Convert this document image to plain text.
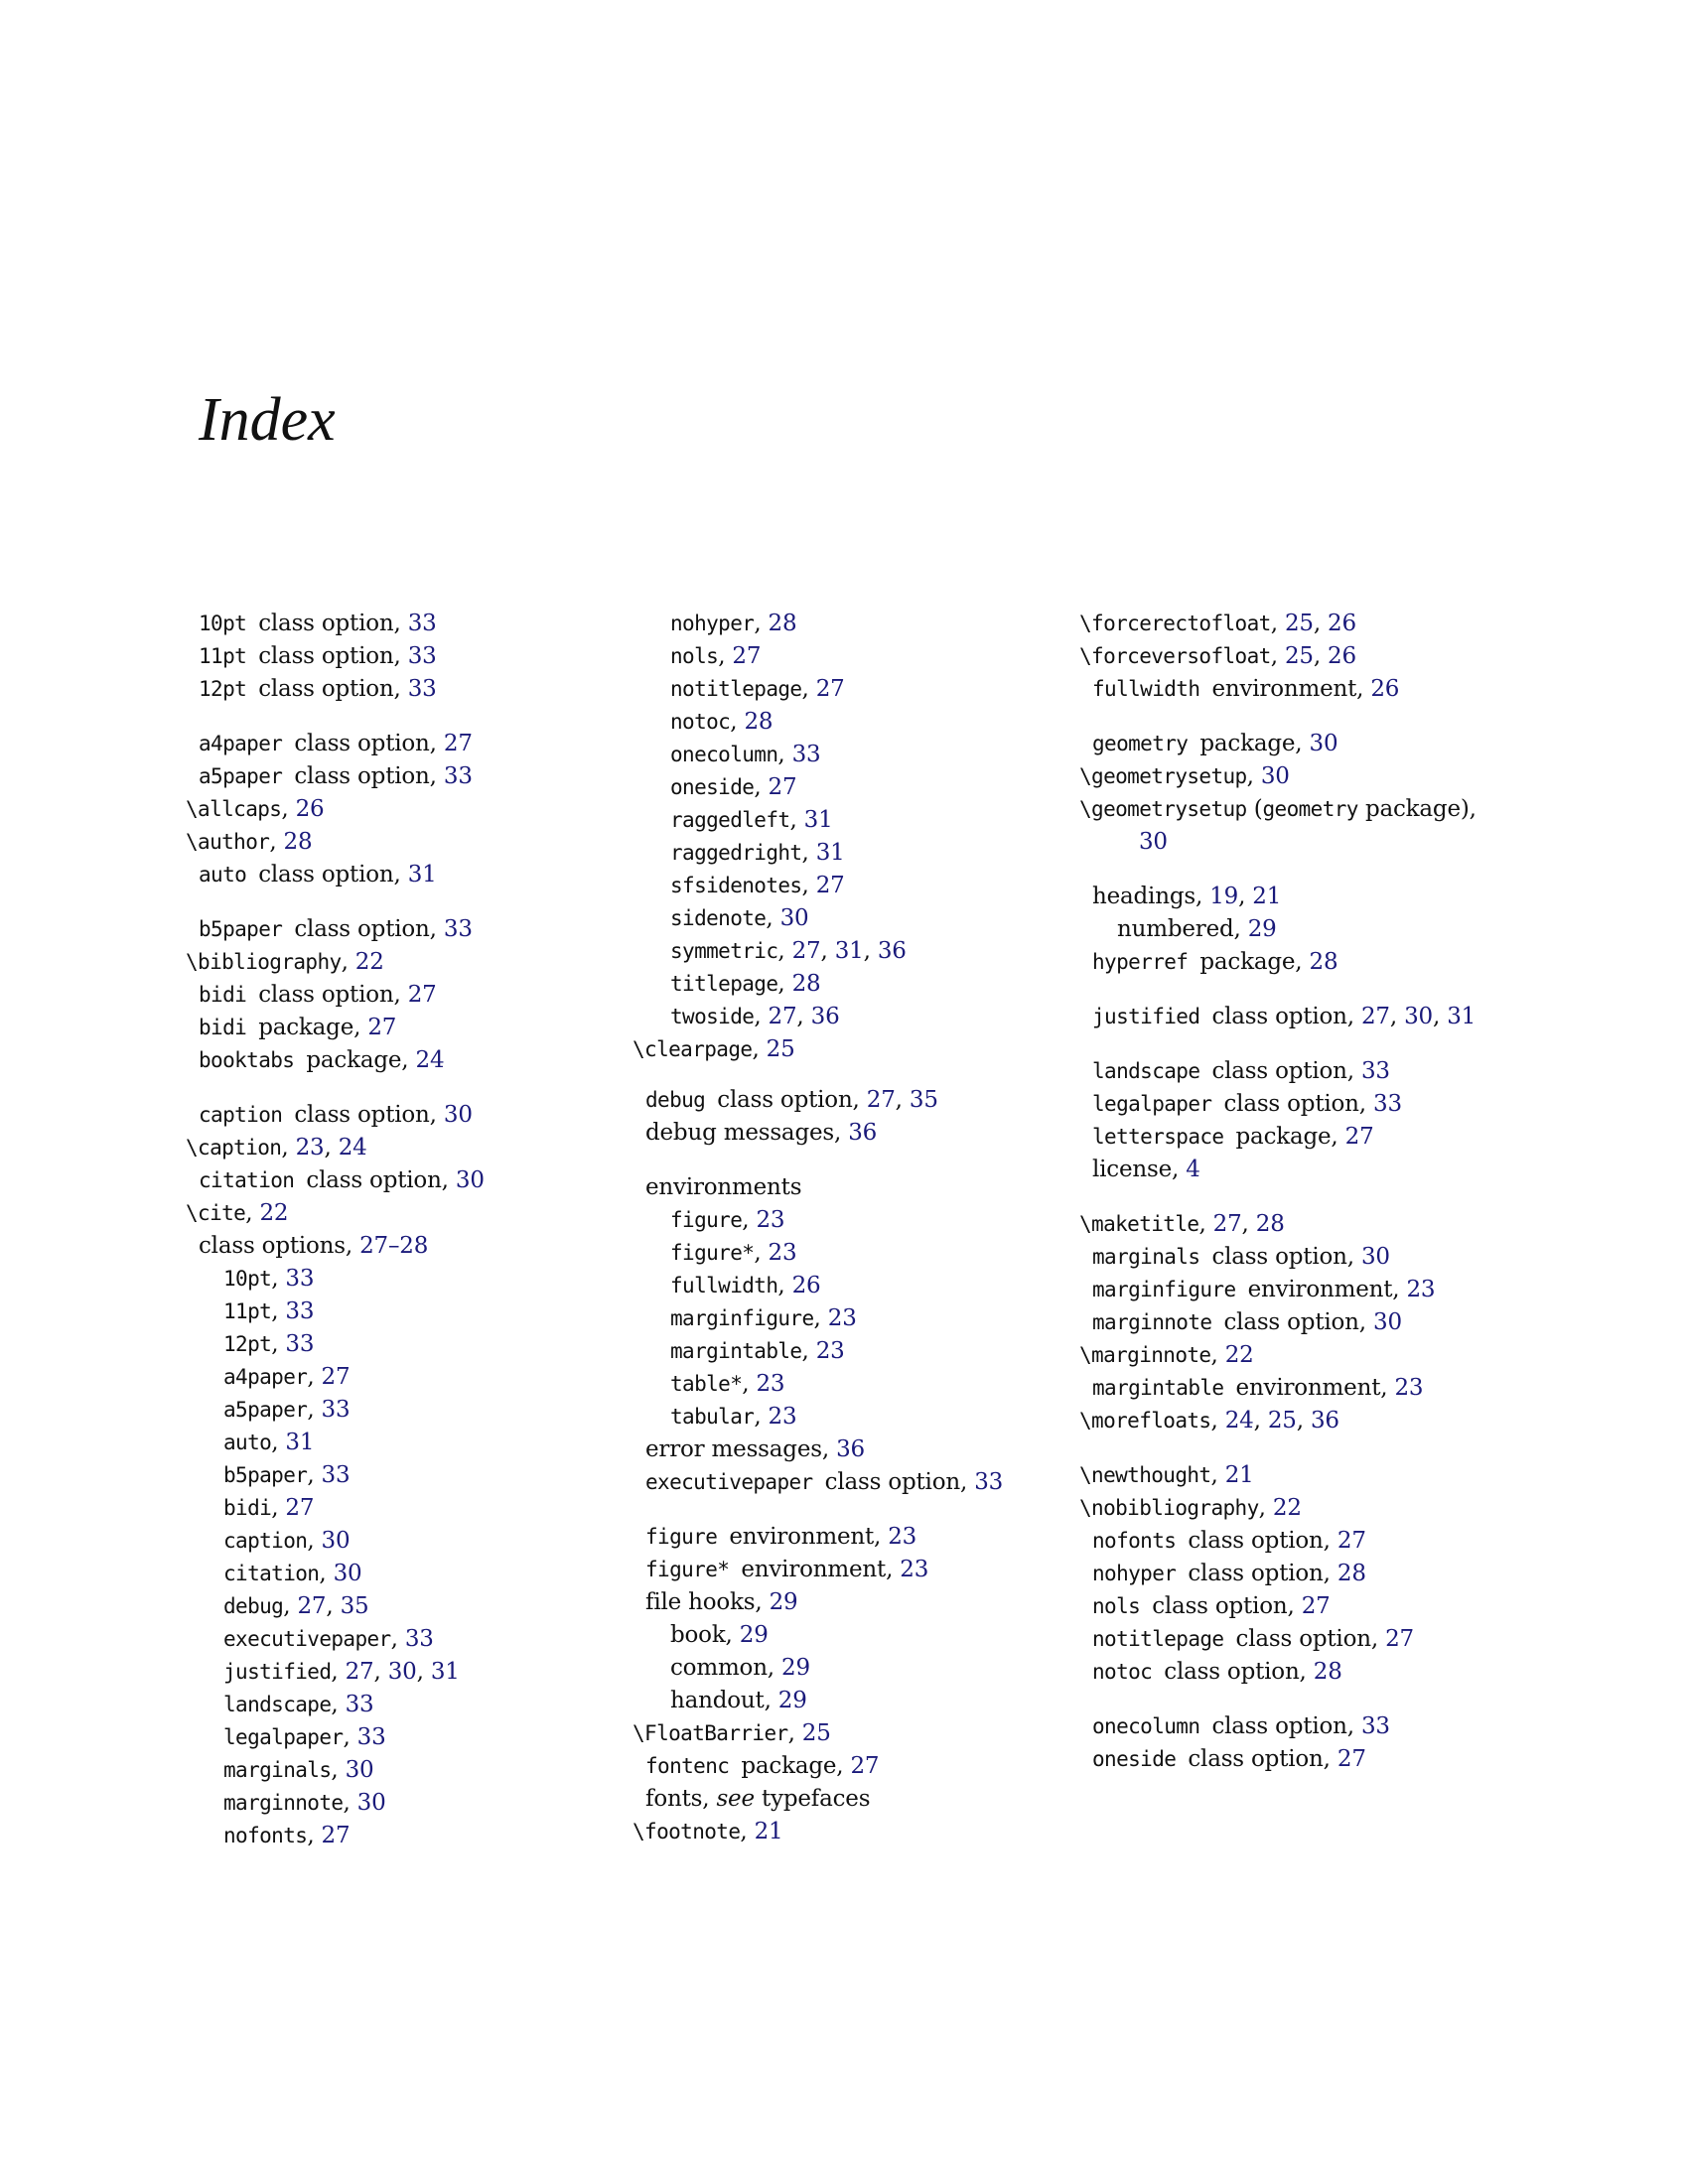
Index
10pt class option, 33
11pt class option, 33
12pt class option, 33
a4paper class option, 27
a5paper class option, 33
\allcaps, 26
\author, 28
auto class option, 31
b5paper class option, 33
\bibliography, 22
bidi class option, 27
bidi package, 27
booktabs package, 24
caption class option, 30
\caption, 23, 24
citation class option, 30
\cite, 22
class options, 27–28
10pt, 33
11pt, 33
12pt, 33
a4paper, 27
a5paper, 33
auto, 31
b5paper, 33
bidi, 27
caption, 30
citation, 30
debug, 27, 35
executivepaper, 33
justified, 27, 30, 31
landscape, 33
legalpaper, 33
marginals, 30
marginnote, 30
nofonts, 27
nohyper, 28
nols, 27
notitlepage, 27
notoc, 28
onecolumn, 33
oneside, 27
raggedleft, 31
raggedright, 31
sfsidenotes, 27
sidenote, 30
symmetric, 27, 31, 36
titlepage, 28
twoside, 27, 36
\clearpage, 25
debug class option, 27, 35
debug messages, 36
environments
figure, 23
figure*, 23
fullwidth, 26
marginfigure, 23
margintable, 23
table*, 23
tabular, 23
error messages, 36
executivepaper class option, 33
figure environment, 23
figure* environment, 23
file hooks, 29
book, 29
common, 29
handout, 29
\FloatBarrier, 25
fontenc package, 27
fonts, see typefaces
\footnote, 21
\forcerectofloat, 25, 26
\forceversofloat, 25, 26
fullwidth environment, 26
geometry package, 30
\geometrysetup, 30
\geometrysetup (geometry package),
30
headings, 19, 21
numbered, 29
hyperref package, 28
justified class option, 27, 30, 31
landscape class option, 33
legalpaper class option, 33
letterspace package, 27
license, 4
\maketitle, 27, 28
marginals class option, 30
marginfigure environment, 23
marginnote class option, 30
\marginnote, 22
margintable environment, 23
\morefloats, 24, 25, 36
\newthought, 21
\nobibliography, 22
nofonts class option, 27
nohyper class option, 28
nols class option, 27
notitlepage class option, 27
notoc class option, 28
onecolumn class option, 33
oneside class option, 27
